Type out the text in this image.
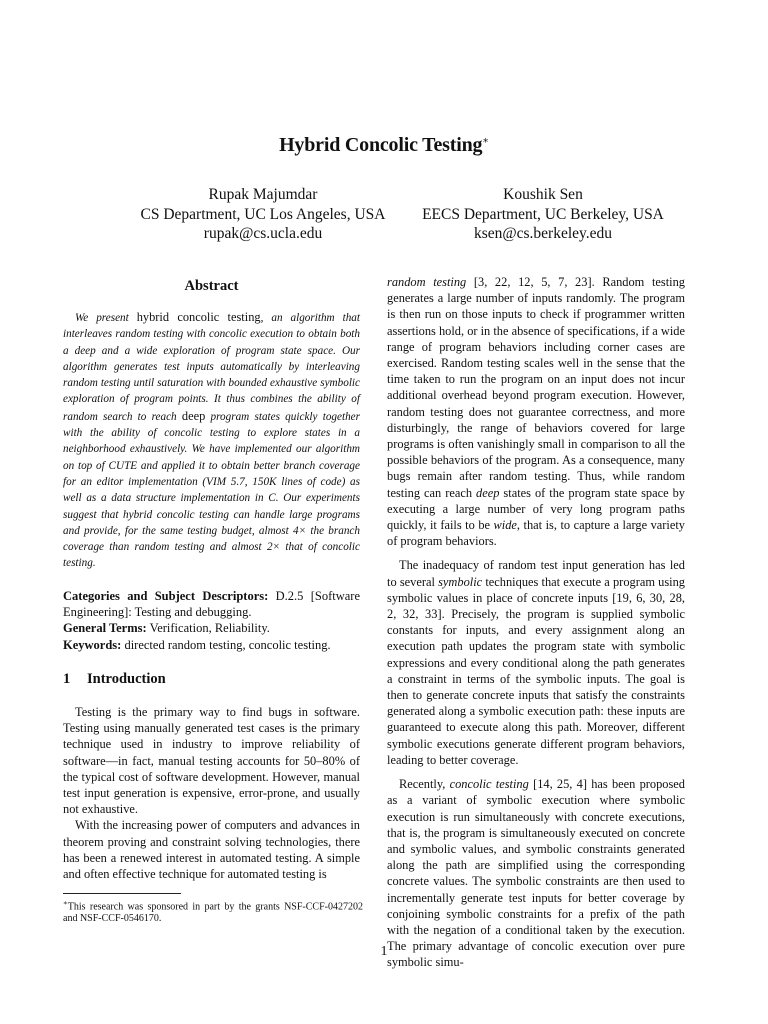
Hybrid Concolic Testing∗
Rupak Majumdar
CS Department, UC Los Angeles, USA
rupak@cs.ucla.edu
Koushik Sen
EECS Department, UC Berkeley, USA
ksen@cs.berkeley.edu
Abstract

We present hybrid concolic testing, an algorithm that interleaves random testing with concolic execution to obtain both a deep and a wide exploration of program state space. Our algorithm generates test inputs automatically by interleaving random testing until saturation with bounded exhaustive symbolic exploration of program points. It thus combines the ability of random search to reach deep program states quickly together with the ability of concolic testing to explore states in a neighborhood exhaustively. We have implemented our algorithm on top of CUTE and applied it to obtain better branch coverage for an editor implementation (VIM 5.7, 150K lines of code) as well as a data structure implementation in C. Our experiments suggest that hybrid concolic testing can handle large programs and provide, for the same testing budget, almost 4× the branch coverage than random testing and almost 2× that of concolic testing.

Categories and Subject Descriptors: D.2.5 [Software Engineering]: Testing and debugging.

General Terms: Verification, Reliability.

Keywords: directed random testing, concolic testing.

1 Introduction

Testing is the primary way to find bugs in software. Testing using manually generated test cases is the primary technique used in industry to improve reliability of software—in fact, manual testing accounts for 50–80% of the typical cost of software development. However, manual test input generation is expensive, error-prone, and usually not exhaustive.

With the increasing power of computers and advances in theorem proving and constraint solving technologies, there has been a renewed interest in automated testing. A simple and often effective technique for automated testing is

random testing [3, 22, 12, 5, 7, 23]. Random testing generates a large number of inputs randomly. The program is then run on those inputs to check if programmer written assertions hold, or in the absence of specifications, if a wide range of program behaviors including corner cases are exercised. Random testing scales well in the sense that the time taken to run the program on an input does not incur additional overhead beyond program execution. However, random testing does not guarantee correctness, and more disturbingly, the range of behaviors covered for large programs is often vanishingly small in comparison to all the possible behaviors of the program. As a consequence, many bugs remain after random testing. Thus, while random testing can reach deep states of the program state space by executing a large number of very long program paths quickly, it fails to be wide, that is, to capture a large variety of program behaviors.

The inadequacy of random test input generation has led to several symbolic techniques that execute a program using symbolic values in place of concrete inputs [19, 6, 30, 28, 2, 32, 33]. Precisely, the program is supplied symbolic constants for inputs, and every assignment along an execution path updates the program state with symbolic expressions and every conditional along the path generates a constraint in terms of the symbolic inputs. The goal is then to generate concrete inputs that satisfy the constraints generated along a symbolic execution path: these inputs are guaranteed to execute along this path. Moreover, different symbolic executions generate different program behaviors, leading to better coverage.

Recently, concolic testing [14, 25, 4] has been proposed as a variant of symbolic execution where symbolic execution is run simultaneously with concrete executions, that is, the program is simultaneously executed on concrete and symbolic values, and symbolic constraints generated along the path are simplified using the corresponding concrete values. The symbolic constraints are then used to incrementally generate test inputs for better coverage by conjoining symbolic constraints for a prefix of the path with the negation of a conditional taken by the execution. The primary advantage of concolic execution over pure symbolic simu-

∗This research was sponsored in part by the grants NSF-CCF-0427202 and NSF-CCF-0546170.
1
